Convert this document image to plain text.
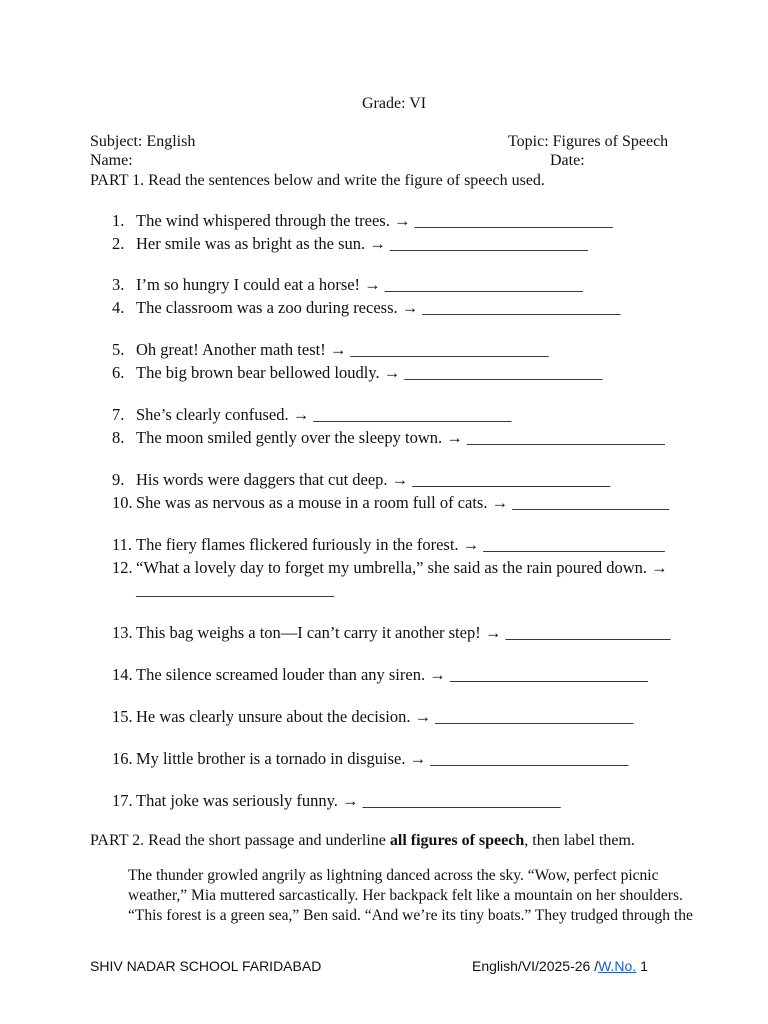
Grade: VI
Subject: English	Topic: Figures of Speech
Name:	Date:
PART 1. Read the sentences below and write the figure of speech used.
1. The wind whispered through the trees. → ________________________
2. Her smile was as bright as the sun. → ________________________
3. I’m so hungry I could eat a horse! → ________________________
4. The classroom was a zoo during recess. → ________________________
5. Oh great! Another math test! → ________________________
6. The big brown bear bellowed loudly. → ________________________
7. She’s clearly confused. → ________________________
8. The moon smiled gently over the sleepy town. → ________________________
9. His words were daggers that cut deep. → ________________________
10. She was as nervous as a mouse in a room full of cats. → ___________________
11. The fiery flames flickered furiously in the forest. → ______________________
12. “What a lovely day to forget my umbrella,” she said as the rain poured down. →
________________________
13. This bag weighs a ton—I can’t carry it another step! → ____________________
14. The silence screamed louder than any siren. → ________________________
15. He was clearly unsure about the decision. → ________________________
16. My little brother is a tornado in disguise. → ________________________
17. That joke was seriously funny. → ________________________
PART 2. Read the short passage and underline all figures of speech, then label them.
The thunder growled angrily as lightning danced across the sky. “Wow, perfect picnic
weather,” Mia muttered sarcastically. Her backpack felt like a mountain on her shoulders.
“This forest is a green sea,” Ben said. “And we’re its tiny boats.” They trudged through the
SHIV NADAR SCHOOL FARIDABAD	English/VI/2025-26 /W.No. 1
